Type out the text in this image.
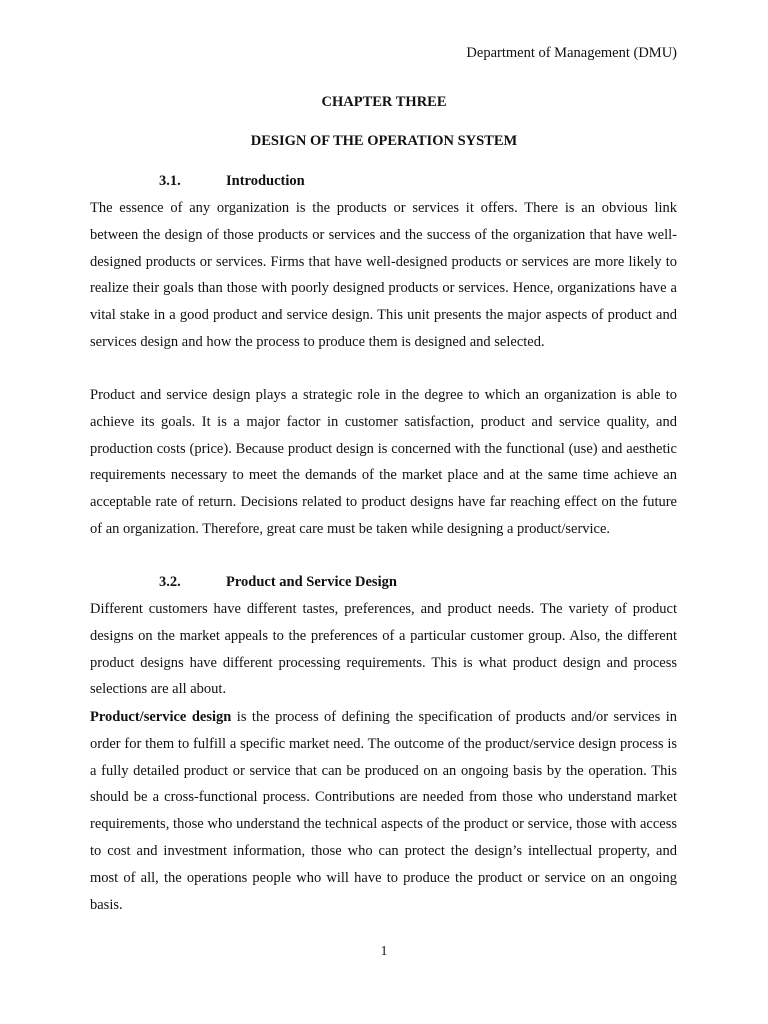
Department of Management (DMU)
CHAPTER THREE
DESIGN OF THE OPERATION SYSTEM
3.1.	Introduction
The essence of any organization is the products or services it offers. There is an obvious link between the design of those products or services and the success of the organization that have well-designed products or services. Firms that have well-designed products or services are more likely to realize their goals than those with poorly designed products or services. Hence, organizations have a vital stake in a good product and service design. This unit presents the major aspects of product and services design and how the process to produce them is designed and selected.
Product and service design plays a strategic role in the degree to which an organization is able to achieve its goals. It is a major factor in customer satisfaction, product and service quality, and production costs (price). Because product design is concerned with the functional (use) and aesthetic requirements necessary to meet the demands of the market place and at the same time achieve an acceptable rate of return. Decisions related to product designs have far reaching effect on the future of an organization. Therefore, great care must be taken while designing a product/service.
3.2.	Product and Service Design
Different customers have different tastes, preferences, and product needs. The variety of product designs on the market appeals to the preferences of a particular customer group. Also, the different product designs have different processing requirements. This is what product design and process selections are all about.
Product/service design is the process of defining the specification of products and/or services in order for them to fulfill a specific market need. The outcome of the product/service design process is a fully detailed product or service that can be produced on an ongoing basis by the operation. This should be a cross-functional process. Contributions are needed from those who understand market requirements, those who understand the technical aspects of the product or service, those with access to cost and investment information, those who can protect the design’s intellectual property, and most of all, the operations people who will have to produce the product or service on an ongoing basis.
1
